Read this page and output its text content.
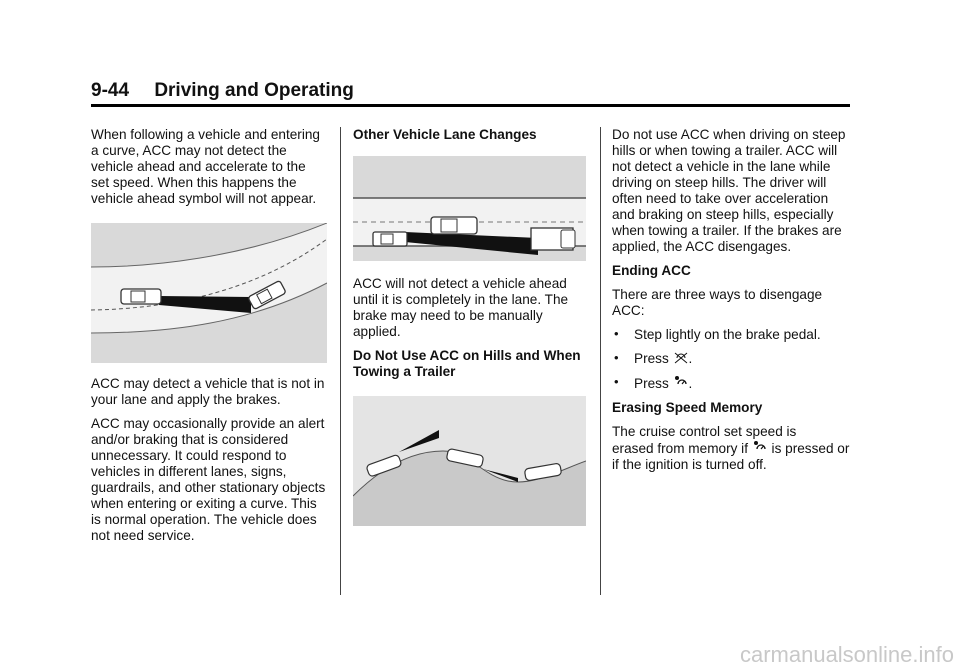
9-44 Driving and Operating

When following a vehicle and entering a curve, ACC may not detect the vehicle ahead and accelerate to the set speed. When this happens the vehicle ahead symbol will not appear.

ACC may detect a vehicle that is not in your lane and apply the brakes.

ACC may occasionally provide an alert and/or braking that is considered unnecessary. It could respond to vehicles in different lanes, signs, guardrails, and other stationary objects when entering or exiting a curve. This is normal operation. The vehicle does not need service.

Other Vehicle Lane Changes

ACC will not detect a vehicle ahead until it is completely in the lane. The brake may need to be manually applied.

Do Not Use ACC on Hills and When Towing a Trailer

Do not use ACC when driving on steep hills or when towing a trailer. ACC will not detect a vehicle in the lane while driving on steep hills. The driver will often need to take over acceleration and braking on steep hills, especially when towing a trailer. If the brakes are applied, the ACC disengages.

Ending ACC

There are three ways to disengage ACC:

• Step lightly on the brake pedal.
• Press .
• Press .

Erasing Speed Memory

The cruise control set speed is
erased from memory if is pressed or if the ignition is turned off.

carmanualsonline.info
